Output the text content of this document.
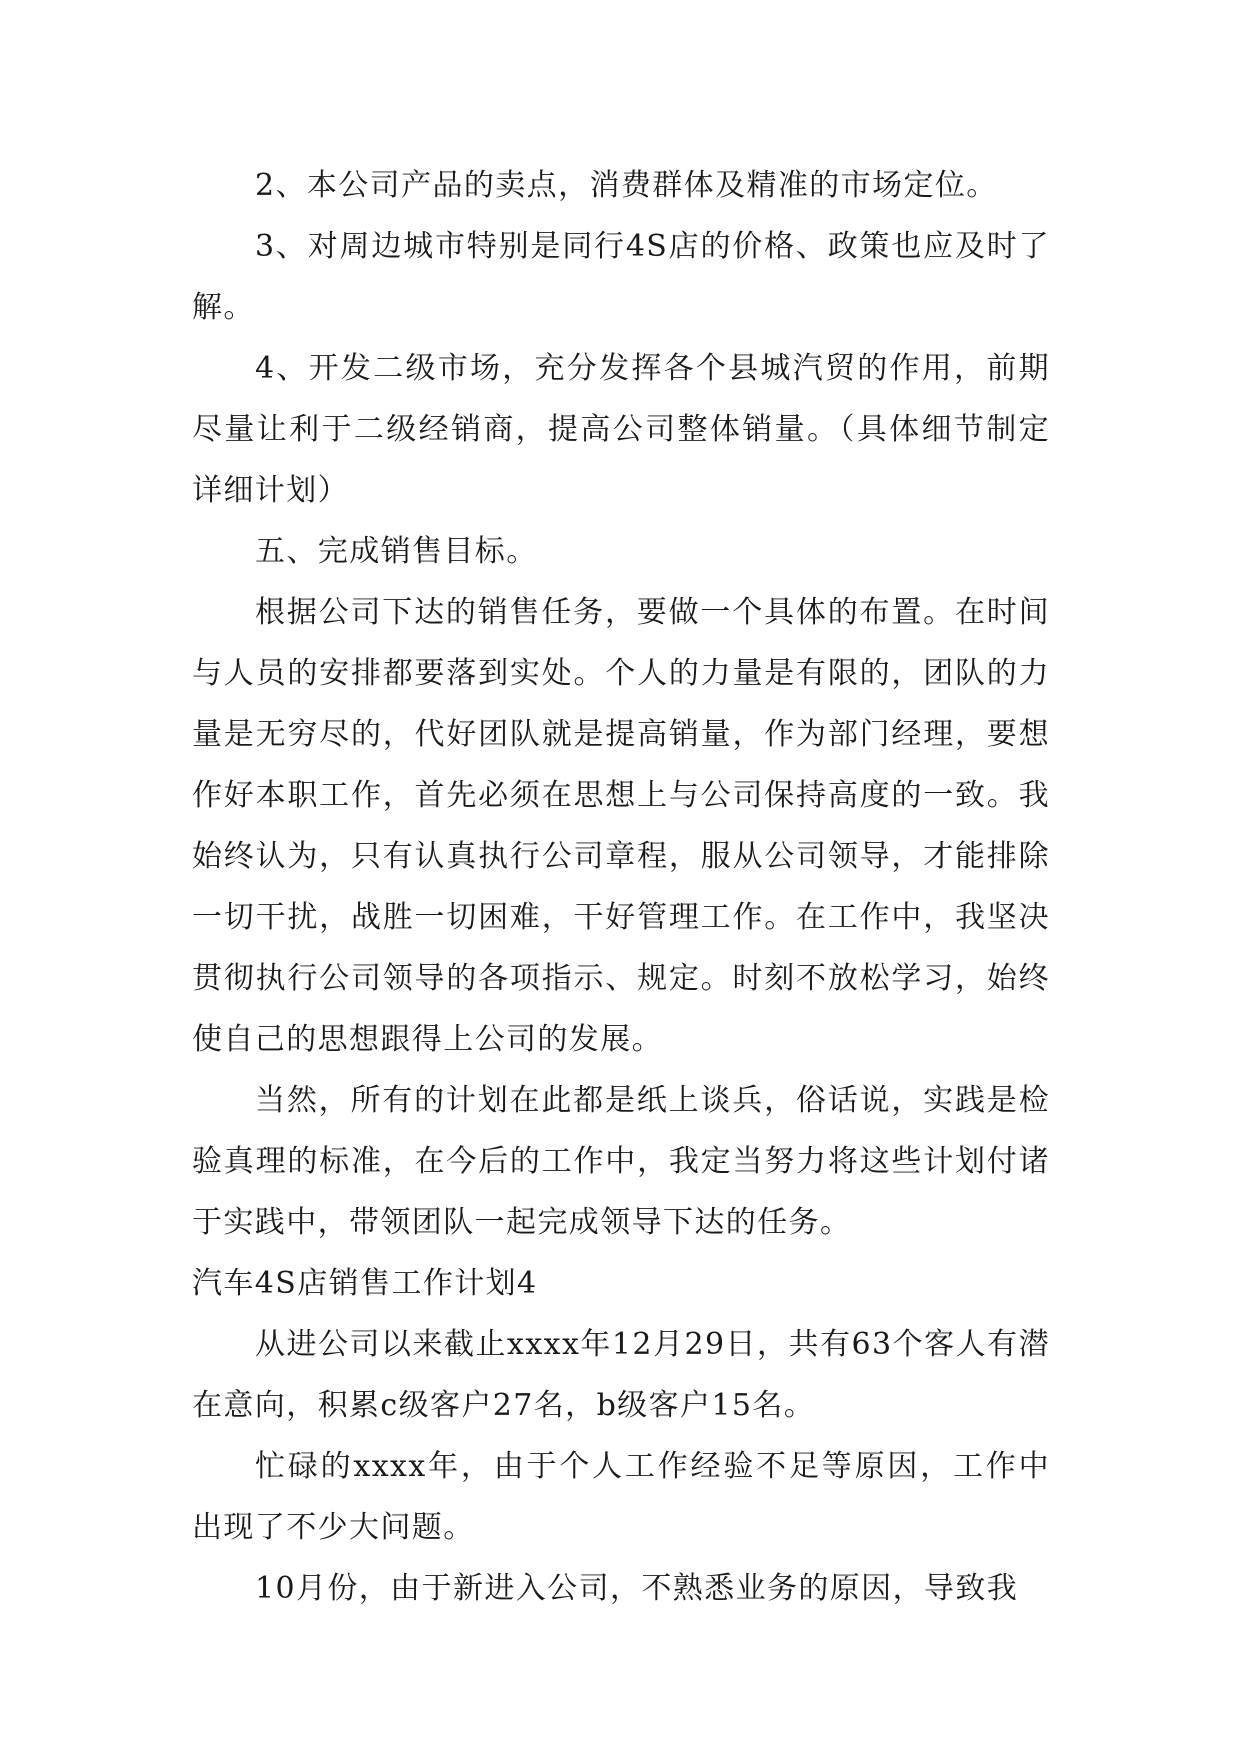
2、本公司产品的卖点，消费群体及精准的市场定位。

3、对周边城市特别是同行4S店的价格、政策也应及时了解。

4、开发二级市场，充分发挥各个县城汽贸的作用，前期尽量让利于二级经销商，提高公司整体销量。（具体细节制定详细计划）

五、完成销售目标。

根据公司下达的销售任务，要做一个具体的布置。在时间与人员的安排都要落到实处。个人的力量是有限的，团队的力量是无穷尽的，代好团队就是提高销量，作为部门经理，要想作好本职工作，首先必须在思想上与公司保持高度的一致。我始终认为，只有认真执行公司章程，服从公司领导，才能排除一切干扰，战胜一切困难，干好管理工作。在工作中，我坚决贯彻执行公司领导的各项指示、规定。时刻不放松学习，始终使自己的思想跟得上公司的发展。

当然，所有的计划在此都是纸上谈兵，俗话说，实践是检验真理的标准，在今后的工作中，我定当努力将这些计划付诸于实践中，带领团队一起完成领导下达的任务。

汽车4S店销售工作计划4

从进公司以来截止xxxx年12月29日，共有63个客人有潜在意向，积累c级客户27名，b级客户15名。

忙碌的xxxx年，由于个人工作经验不足等原因，工作中出现了不少大问题。

10月份，由于新进入公司，不熟悉业务的原因，导致我
